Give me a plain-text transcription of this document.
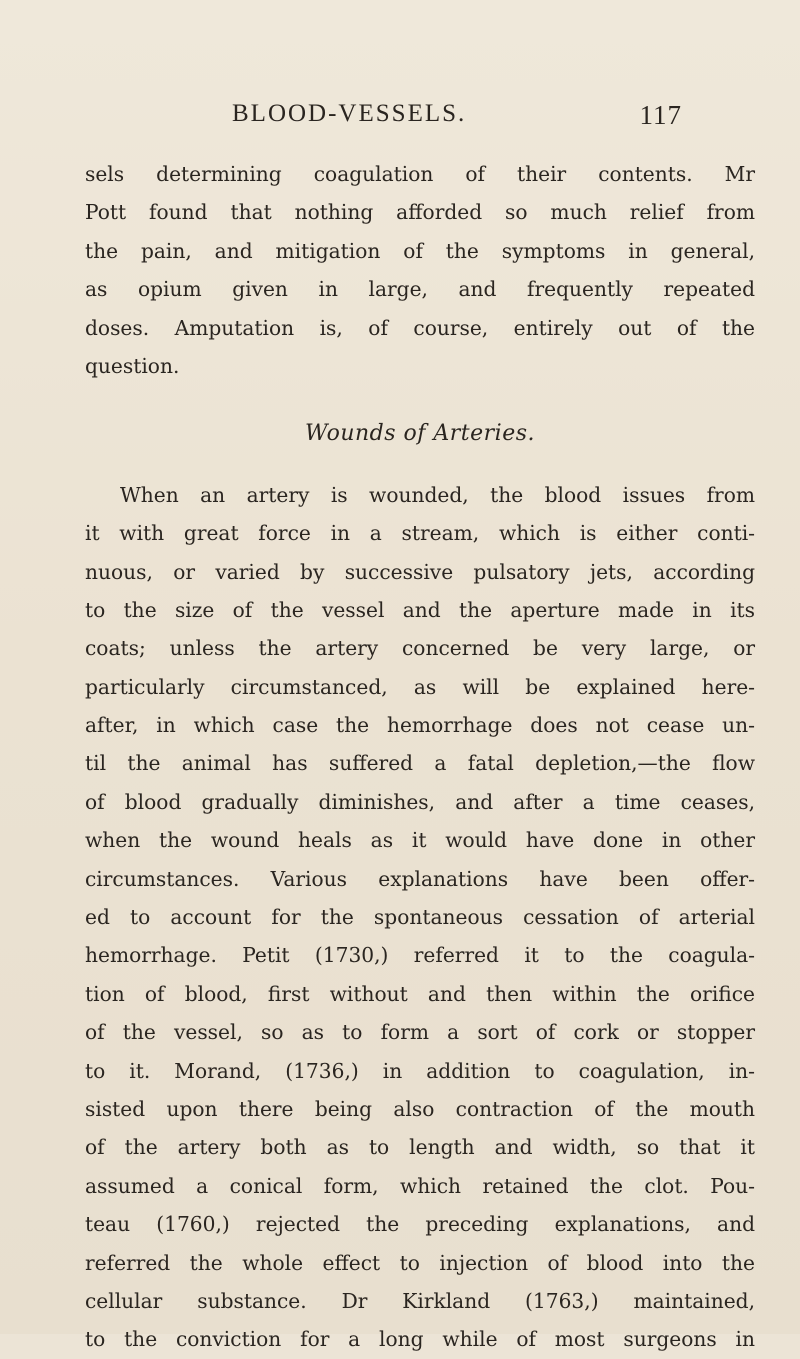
BLOOD-VESSELS.	117
sels determining coagulation of their contents. Mr
Pott found that nothing afforded so much relief from
the pain, and mitigation of the symptoms in general,
as opium given in large, and frequently repeated
doses. Amputation is, of course, entirely out of the
question.
Wounds of Arteries.
When an artery is wounded, the blood issues from
it with great force in a stream, which is either conti-
nuous, or varied by successive pulsatory jets, according
to the size of the vessel and the aperture made in its
coats; unless the artery concerned be very large, or
particularly circumstanced, as will be explained here-
after, in which case the hemorrhage does not cease un-
til the animal has suffered a fatal depletion,—the flow
of blood gradually diminishes, and after a time ceases,
when the wound heals as it would have done in other
circumstances. Various explanations have been offer-
ed to account for the spontaneous cessation of arterial
hemorrhage. Petit (1730,) referred it to the coagula-
tion of blood, first without and then within the orifice
of the vessel, so as to form a sort of cork or stopper
to it. Morand, (1736,) in addition to coagulation, in-
sisted upon there being also contraction of the mouth
of the artery both as to length and width, so that it
assumed a conical form, which retained the clot. Pou-
teau (1760,) rejected the preceding explanations, and
referred the whole effect to injection of blood into the
cellular substance. Dr Kirkland (1763,) maintained,
to the conviction for a long while of most surgeons in
